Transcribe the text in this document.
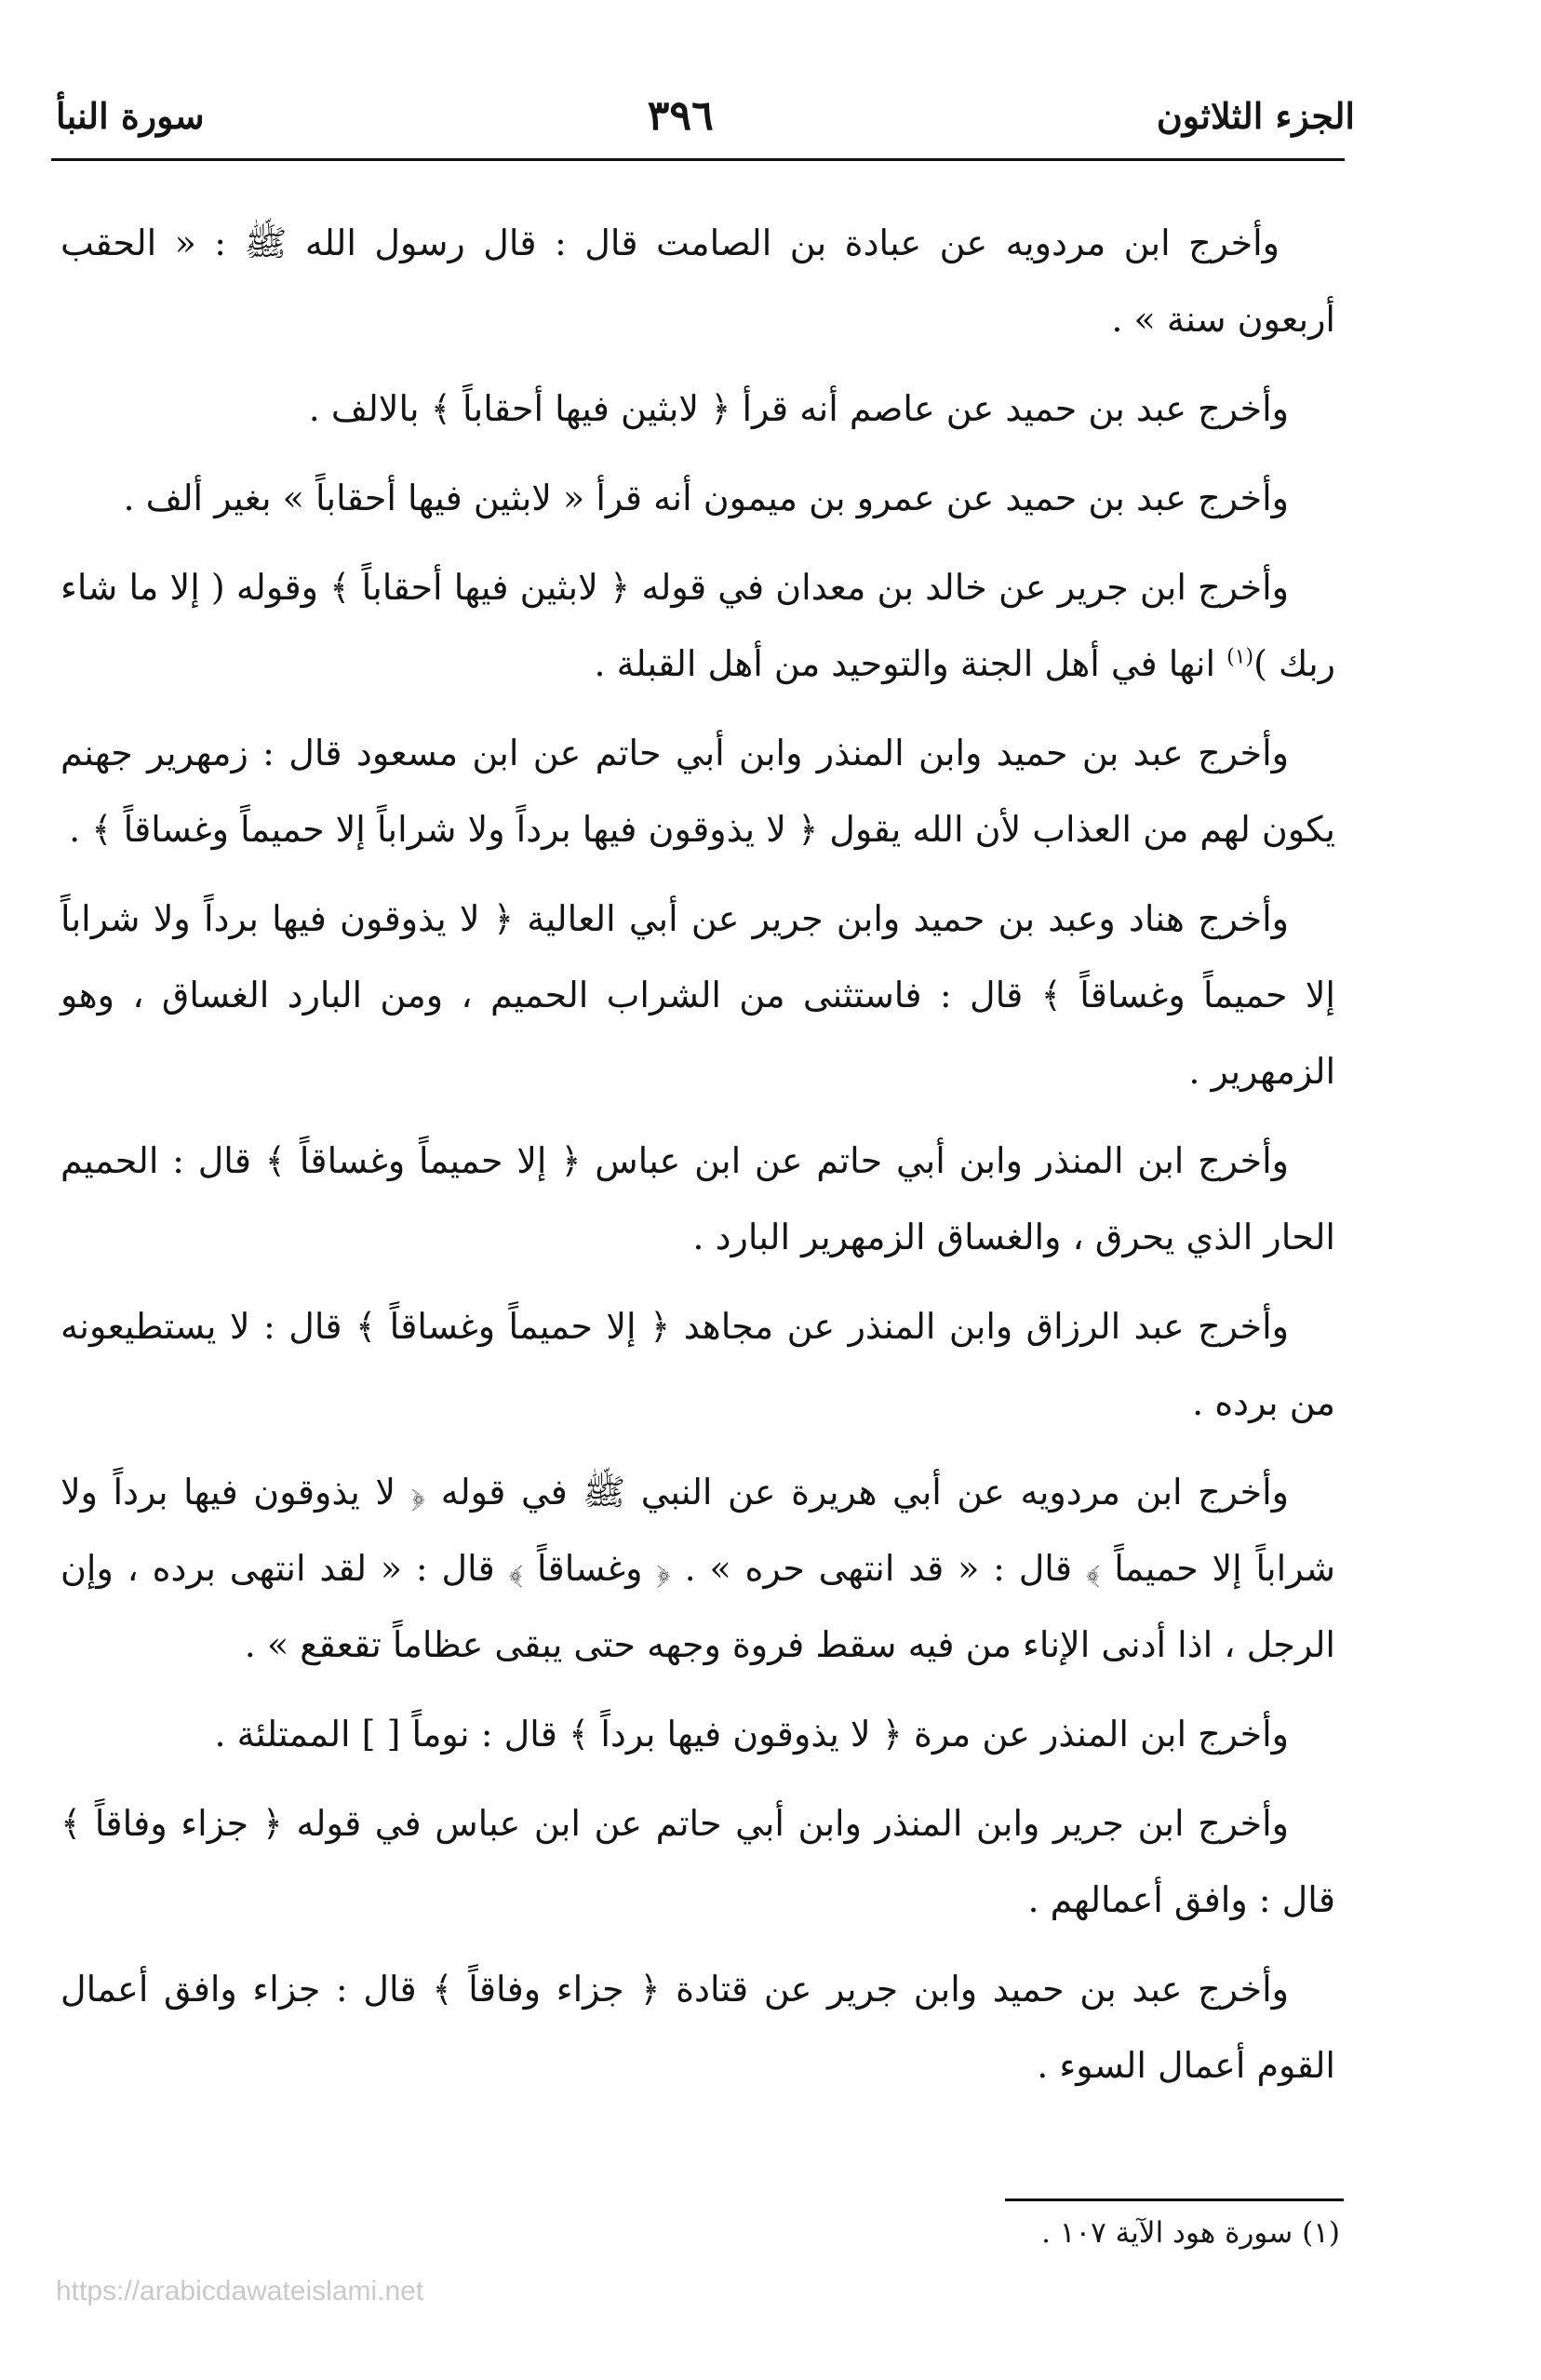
الجزء الثلاثون
٣٩٦
سورة النبأ

وأخرج ابن مردويه عن عبادة بن الصامت قال : قال رسول الله ﷺ : « الحقب أربعون سنة » .

وأخرج عبد بن حميد عن عاصم أنه قرأ ﴿ لابثين فيها أحقاباً ﴾ بالالف .

وأخرج عبد بن حميد عن عمرو بن ميمون أنه قرأ « لابثين فيها أحقاباً » بغير ألف .

وأخرج ابن جرير عن خالد بن معدان في قوله ﴿ لابثين فيها أحقاباً ﴾ وقوله ( إلا ما شاء ربك )$^{(١)}$ انها في أهل الجنة والتوحيد من أهل القبلة .

وأخرج عبد بن حميد وابن المنذر وابن أبي حاتم عن ابن مسعود قال : زمهرير جهنم يكون لهم من العذاب لأن الله يقول ﴿ لا يذوقون فيها برداً ولا شراباً إلا حميماً وغساقاً ﴾ .

وأخرج هناد وعبد بن حميد وابن جرير عن أبي العالية ﴿ لا يذوقون فيها برداً ولا شراباً إلا حميماً وغساقاً ﴾ قال : فاستثنى من الشراب الحميم ، ومن البارد الغساق ، وهو الزمهرير .

وأخرج ابن المنذر وابن أبي حاتم عن ابن عباس ﴿ إلا حميماً وغساقاً ﴾ قال : الحميم الحار الذي يحرق ، والغساق الزمهرير البارد .

وأخرج عبد الرزاق وابن المنذر عن مجاهد ﴿ إلا حميماً وغساقاً ﴾ قال : لا يستطيعونه من برده .

وأخرج ابن مردويه عن أبي هريرة عن النبي ﷺ في قوله ﴿ لا يذوقون فيها برداً ولا شراباً إلا حميماً ﴾ قال : « قد انتهى حره » . ﴿ وغساقاً ﴾ قال : « لقد انتهى برده ، وإن الرجل ، اذا أدنى الإناء من فيه سقط فروة وجهه حتى يبقى عظاماً تقعقع » .

وأخرج ابن المنذر عن مرة ﴿ لا يذوقون فيها برداً ﴾ قال : نوماً [ ] الممتلئة .

وأخرج ابن جرير وابن المنذر وابن أبي حاتم عن ابن عباس في قوله ﴿ جزاء وفاقاً ﴾ قال : وافق أعمالهم .

وأخرج عبد بن حميد وابن جرير عن قتادة ﴿ جزاء وفاقاً ﴾ قال : جزاء وافق أعمال القوم أعمال السوء .

(١) سورة هود الآية ١٠٧ .
https://arabicdawateislami.net
